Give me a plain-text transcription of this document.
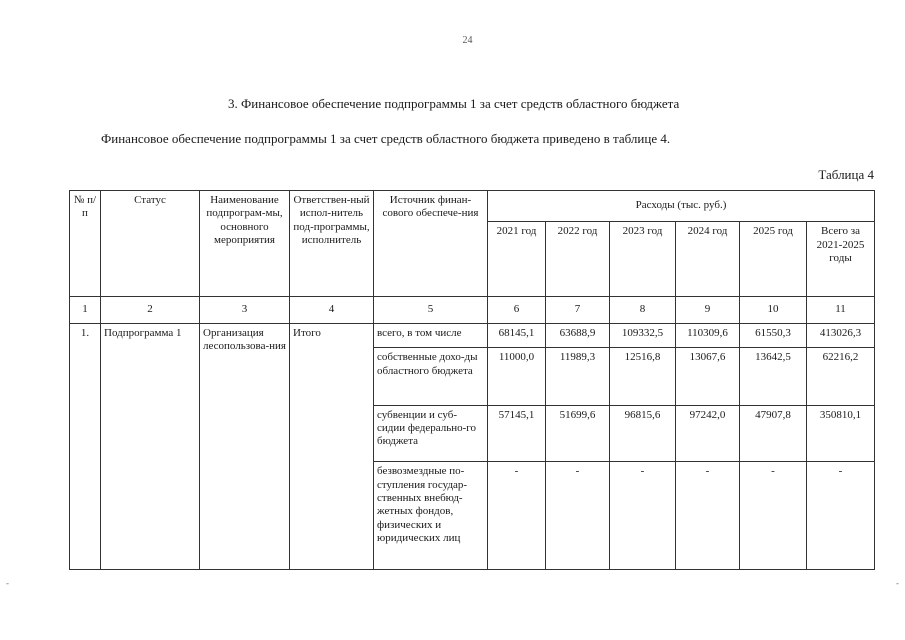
24
3. Финансовое обеспечение подпрограммы 1 за счет средств областного бюджета
Финансовое обеспечение подпрограммы 1 за счет средств областного бюджета приведено в таблице 4.
Таблица 4
№ п/п	Статус	Наименование подпрограм-мы, основного мероприятия	Ответствен-ный испол-нитель под-программы, исполнитель	Источник финан-сового обеспече-ния	Расходы (тыс. руб.)					
					2021 год	2022 год	2023 год	2024 год	2025 год	Всего за 2021-2025 годы
1	2	3	4	5	6	7	8	9	10	11
1.	Подпрограмма 1	Организация лесопользова-ния	Итого	всего, в том числе	68145,1	63688,9	109332,5	110309,6	61550,3	413026,3
				собственные дохо-ды областного бюджета	11000,0	11989,3	12516,8	13067,6	13642,5	62216,2
				субвенции и суб-сидии федерально-го бюджета	57145,1	51699,6	96815,6	97242,0	47907,8	350810,1
				безвозмездные по-ступления государ-ственных внебюд-жетных фондов, физических и юридических лиц	-	-	-	-	-	-
-	-
